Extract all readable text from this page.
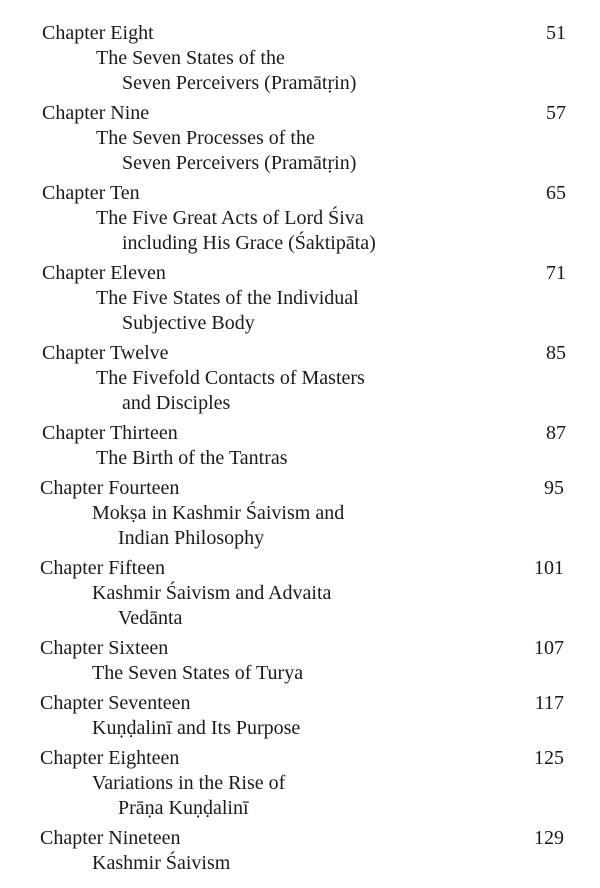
Chapter Eight	51
The Seven States of the
Seven Perceivers (Pramātṛin)
Chapter Nine	57
The Seven Processes of the
Seven Perceivers (Pramātṛin)
Chapter Ten	65
The Five Great Acts of Lord Śiva
including His Grace (Śaktipāta)
Chapter Eleven	71
The Five States of the Individual
Subjective Body
Chapter Twelve	85
The Fivefold Contacts of Masters
and Disciples
Chapter Thirteen	87
The Birth of the Tantras
Chapter Fourteen	95
Mokṣa in Kashmir Śaivism and
Indian Philosophy
Chapter Fifteen	101
Kashmir Śaivism and Advaita
Vedānta
Chapter Sixteen	107
The Seven States of Turya
Chapter Seventeen	117
Kuṇḍalinī and Its Purpose
Chapter Eighteen	125
Variations in the Rise of
Prāṇa Kuṇḍalinī
Chapter Nineteen	129
Kashmir Śaivism
